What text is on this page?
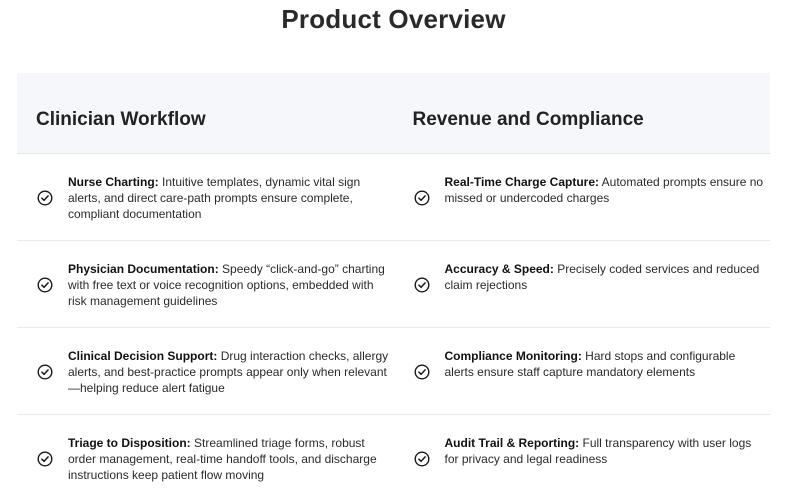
Product Overview
Clinician Workflow	Revenue and Compliance
Nurse Charting: Intuitive templates, dynamic vital sign alerts, and direct care-path prompts ensure complete, compliant documentation
Real-Time Charge Capture: Automated prompts ensure no missed or undercoded charges
Physician Documentation: Speedy “click-and-go” charting with free text or voice recognition options, embedded with risk management guidelines
Accuracy & Speed: Precisely coded services and reduced claim rejections
Clinical Decision Support: Drug interaction checks, allergy alerts, and best-practice prompts appear only when relevant—helping reduce alert fatigue
Compliance Monitoring: Hard stops and configurable alerts ensure staff capture mandatory elements
Triage to Disposition: Streamlined triage forms, robust order management, real-time handoff tools, and discharge instructions keep patient flow moving
Audit Trail & Reporting: Full transparency with user logs for privacy and legal readiness
